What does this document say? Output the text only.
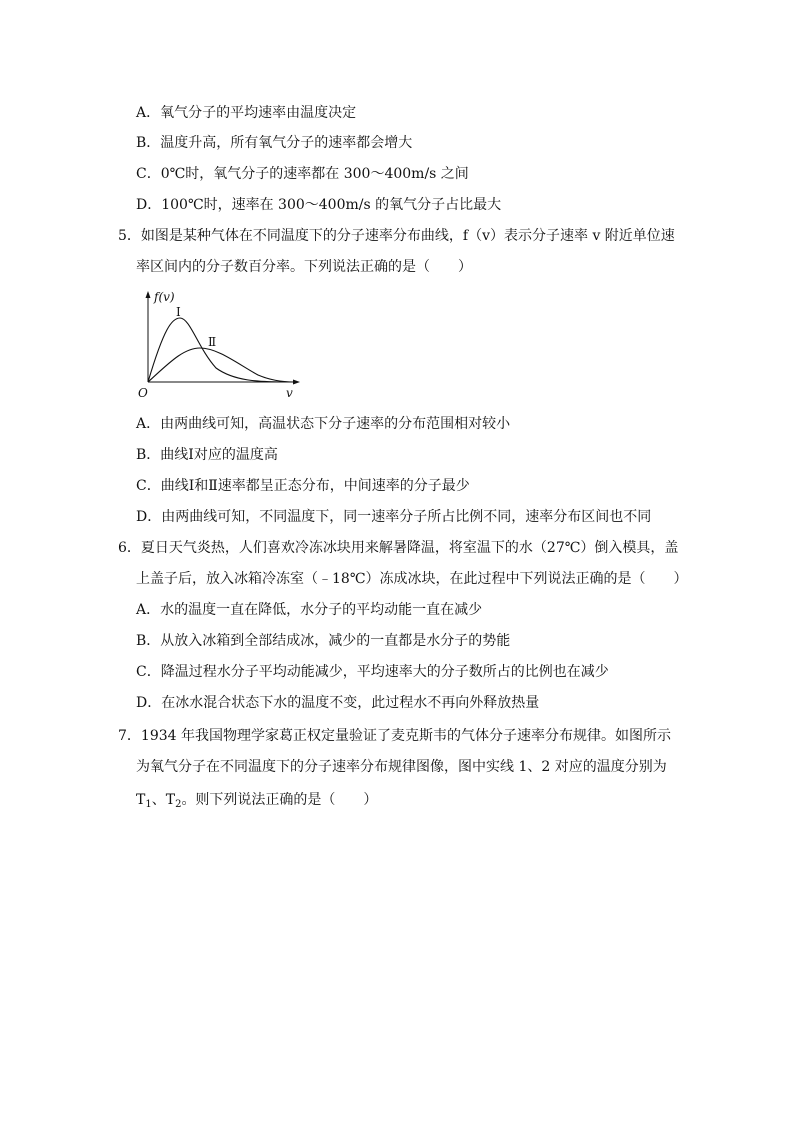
A．氧气分子的平均速率由温度决定
B．温度升高，所有氧气分子的速率都会增大
C．0℃时，氧气分子的速率都在 300～400m/s 之间
D．100℃时，速率在 300～400m/s 的氧气分子占比最大
5．如图是某种气体在不同温度下的分子速率分布曲线，f（v）表示分子速率 v 附近单位速
率区间内的分子数百分率。下列说法正确的是（　　）
f(v)
Ⅰ
Ⅱ
O	v
A．由两曲线可知，高温状态下分子速率的分布范围相对较小
B．曲线Ⅰ对应的温度高
C．曲线Ⅰ和Ⅱ速率都呈正态分布，中间速率的分子最少
D．由两曲线可知，不同温度下，同一速率分子所占比例不同，速率分布区间也不同
6．夏日天气炎热，人们喜欢冷冻冰块用来解暑降温，将室温下的水（27℃）倒入模具，盖
上盖子后，放入冰箱冷冻室（﹣18℃）冻成冰块，在此过程中下列说法正确的是（　　）
A．水的温度一直在降低，水分子的平均动能一直在减少
B．从放入冰箱到全部结成冰，减少的一直都是水分子的势能
C．降温过程水分子平均动能减少，平均速率大的分子数所占的比例也在减少
D．在冰水混合状态下水的温度不变，此过程水不再向外释放热量
7．1934 年我国物理学家葛正权定量验证了麦克斯韦的气体分子速率分布规律。如图所示
为氧气分子在不同温度下的分子速率分布规律图像，图中实线 1、2 对应的温度分别为
$T_1$、$T_2$。则下列说法正确的是（　　）
